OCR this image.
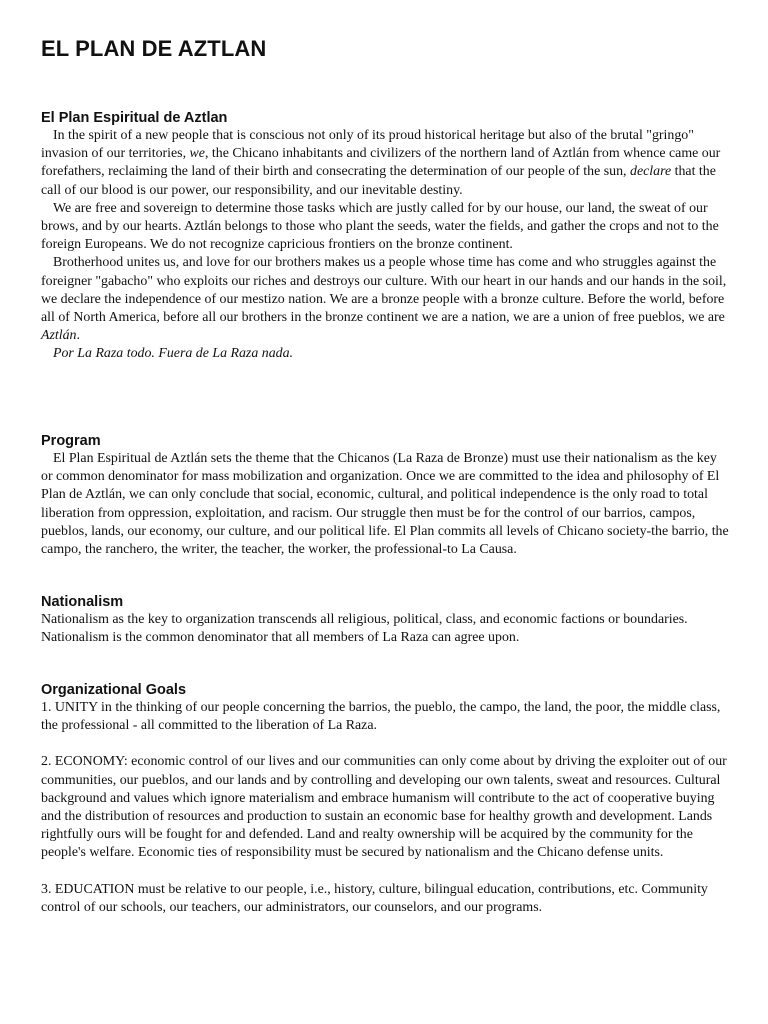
EL PLAN DE AZTLAN
El Plan Espiritual de Aztlan

In the spirit of a new people that is conscious not only of its proud historical heritage but also of the brutal "gringo" invasion of our territories, we, the Chicano inhabitants and civilizers of the northern land of Aztlán from whence came our forefathers, reclaiming the land of their birth and consecrating the determination of our people of the sun, declare that the call of our blood is our power, our responsibility, and our inevitable destiny.

We are free and sovereign to determine those tasks which are justly called for by our house, our land, the sweat of our brows, and by our hearts. Aztlán belongs to those who plant the seeds, water the fields, and gather the crops and not to the foreign Europeans. We do not recognize capricious frontiers on the bronze continent.

Brotherhood unites us, and love for our brothers makes us a people whose time has come and who struggles against the foreigner "gabacho" who exploits our riches and destroys our culture. With our heart in our hands and our hands in the soil, we declare the independence of our mestizo nation. We are a bronze people with a bronze culture. Before the world, before all of North America, before all our brothers in the bronze continent we are a nation, we are a union of free pueblos, we are Aztlán.

Por La Raza todo. Fuera de La Raza nada.

Program

El Plan Espiritual de Aztlán sets the theme that the Chicanos (La Raza de Bronze) must use their nationalism as the key or common denominator for mass mobilization and organization. Once we are committed to the idea and philosophy of El Plan de Aztlán, we can only conclude that social, economic, cultural, and political independence is the only road to total liberation from oppression, exploitation, and racism. Our struggle then must be for the control of our barrios, campos, pueblos, lands, our economy, our culture, and our political life. El Plan commits all levels of Chicano society-the barrio, the campo, the ranchero, the writer, the teacher, the worker, the professional-to La Causa.

Nationalism

Nationalism as the key to organization transcends all religious, political, class, and economic factions or boundaries. Nationalism is the common denominator that all members of La Raza can agree upon.

Organizational Goals

1. UNITY in the thinking of our people concerning the barrios, the pueblo, the campo, the land, the poor, the middle class, the professional - all committed to the liberation of La Raza.

2. ECONOMY: economic control of our lives and our communities can only come about by driving the exploiter out of our communities, our pueblos, and our lands and by controlling and developing our own talents, sweat and resources. Cultural background and values which ignore materialism and embrace humanism will contribute to the act of cooperative buying and the distribution of resources and production to sustain an economic base for healthy growth and development. Lands rightfully ours will be fought for and defended. Land and realty ownership will be acquired by the community for the people's welfare. Economic ties of responsibility must be secured by nationalism and the Chicano defense units.

3. EDUCATION must be relative to our people, i.e., history, culture, bilingual education, contributions, etc. Community control of our schools, our teachers, our administrators, our counselors, and our programs.
